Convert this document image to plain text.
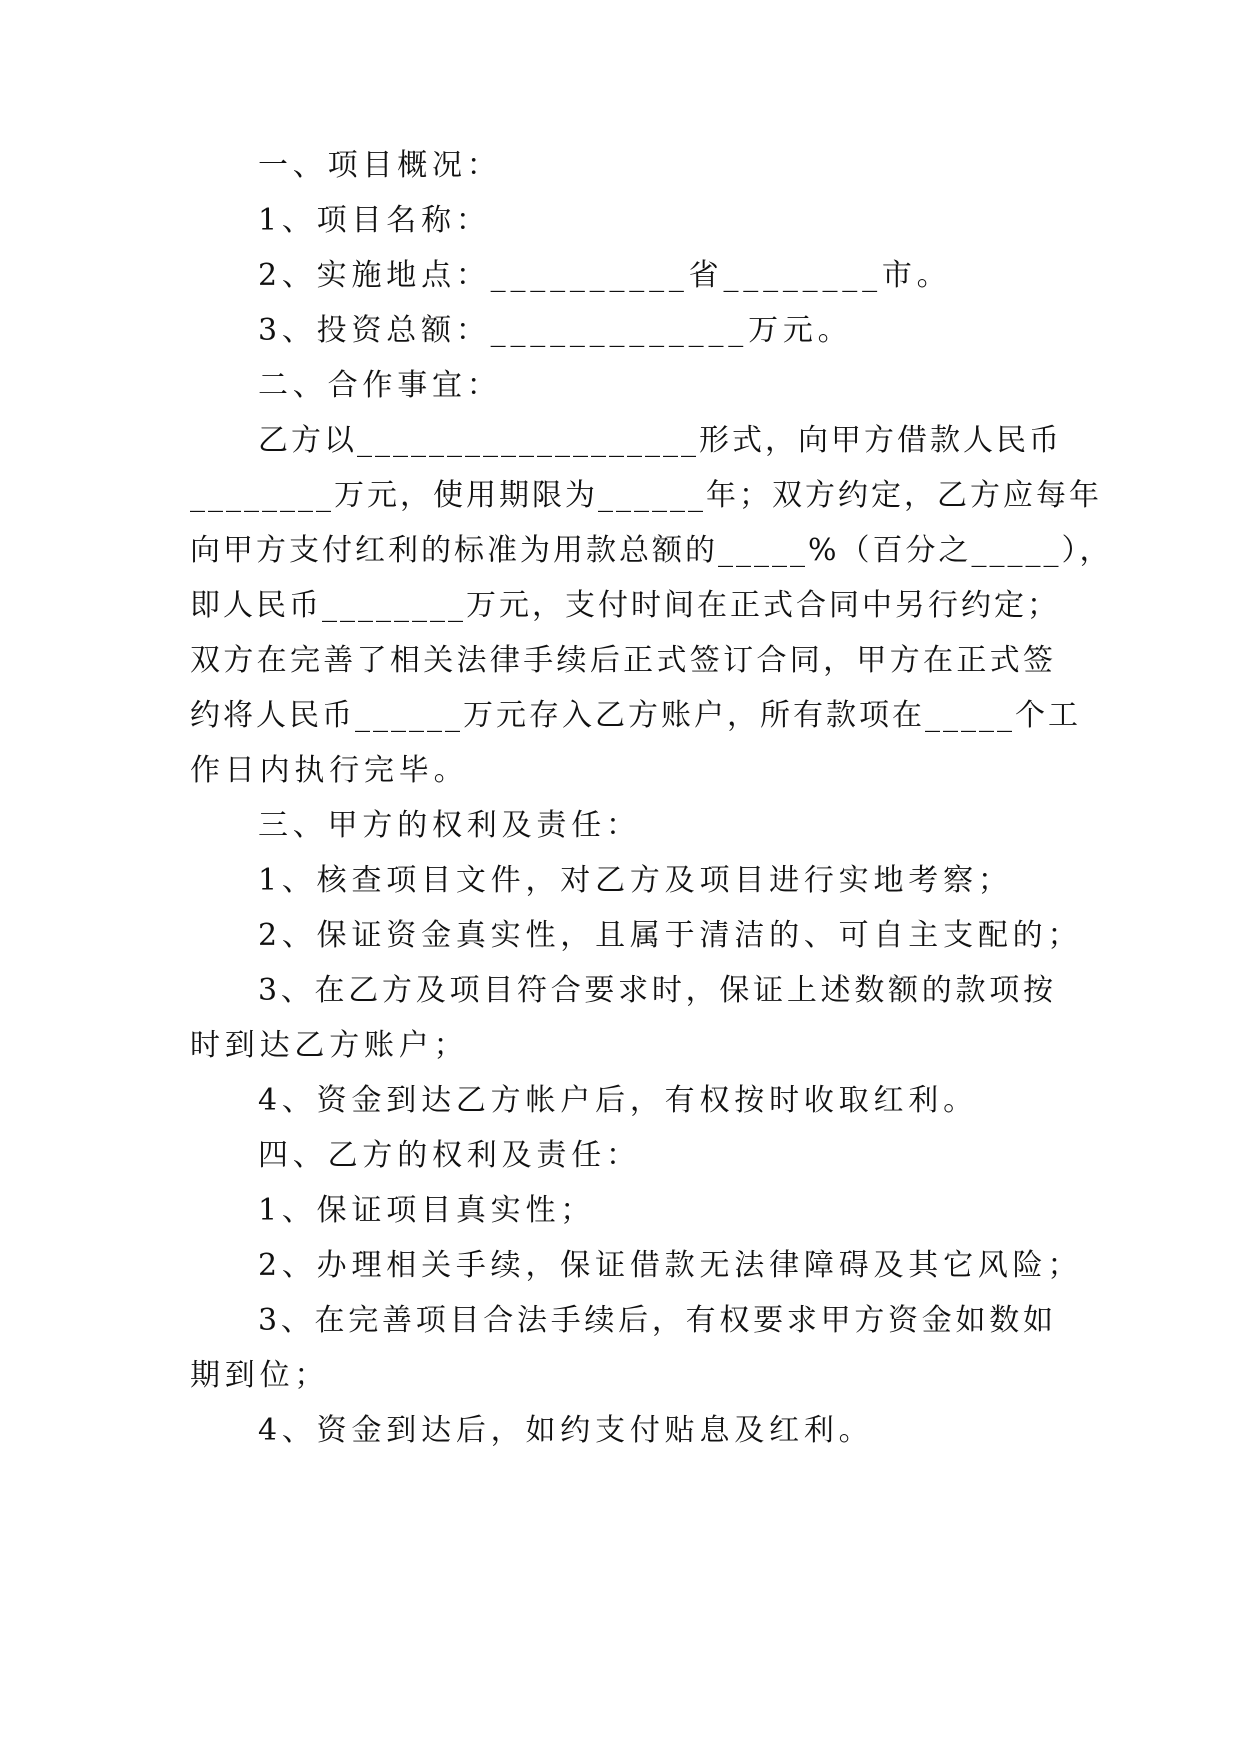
一、项目概况：
1、项目名称：
2、实施地点：__________省________市。
3、投资总额：_____________万元。
二、合作事宜：
乙方以___________________形式，向甲方借款人民币
________万元，使用期限为______年；双方约定，乙方应每年
向甲方支付红利的标准为用款总额的_____%（百分之_____），
即人民币________万元，支付时间在正式合同中另行约定；
双方在完善了相关法律手续后正式签订合同，甲方在正式签
约将人民币______万元存入乙方账户，所有款项在_____个工
作日内执行完毕。
三、甲方的权利及责任：
1、核查项目文件，对乙方及项目进行实地考察；
2、保证资金真实性，且属于清洁的、可自主支配的；
3、在乙方及项目符合要求时，保证上述数额的款项按
时到达乙方账户；
4、资金到达乙方帐户后，有权按时收取红利。
四、乙方的权利及责任：
1、保证项目真实性；
2、办理相关手续，保证借款无法律障碍及其它风险；
3、在完善项目合法手续后，有权要求甲方资金如数如
期到位；
4、资金到达后，如约支付贴息及红利。
